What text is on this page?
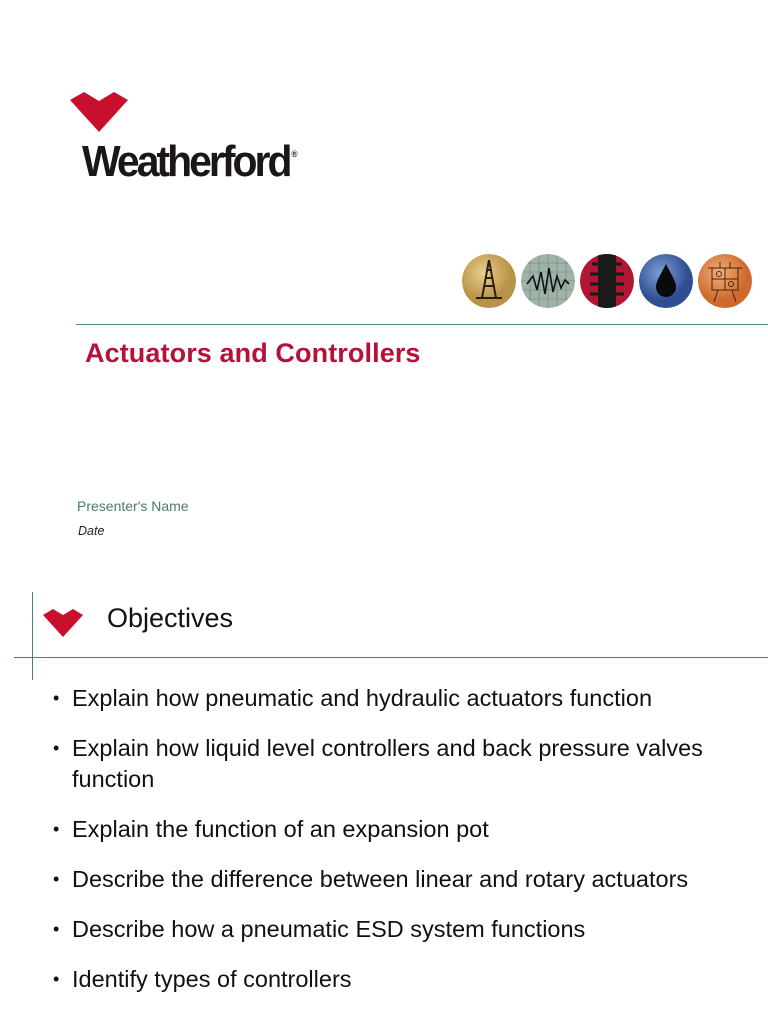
Weatherford ®
Actuators and Controllers
Presenter's Name
Date
Objectives
• Explain how pneumatic and hydraulic actuators function
• Explain how liquid level controllers and back pressure valves function
• Explain the function of an expansion pot
• Describe the difference between linear and rotary actuators
• Describe how a pneumatic ESD system functions
• Identify types of controllers
